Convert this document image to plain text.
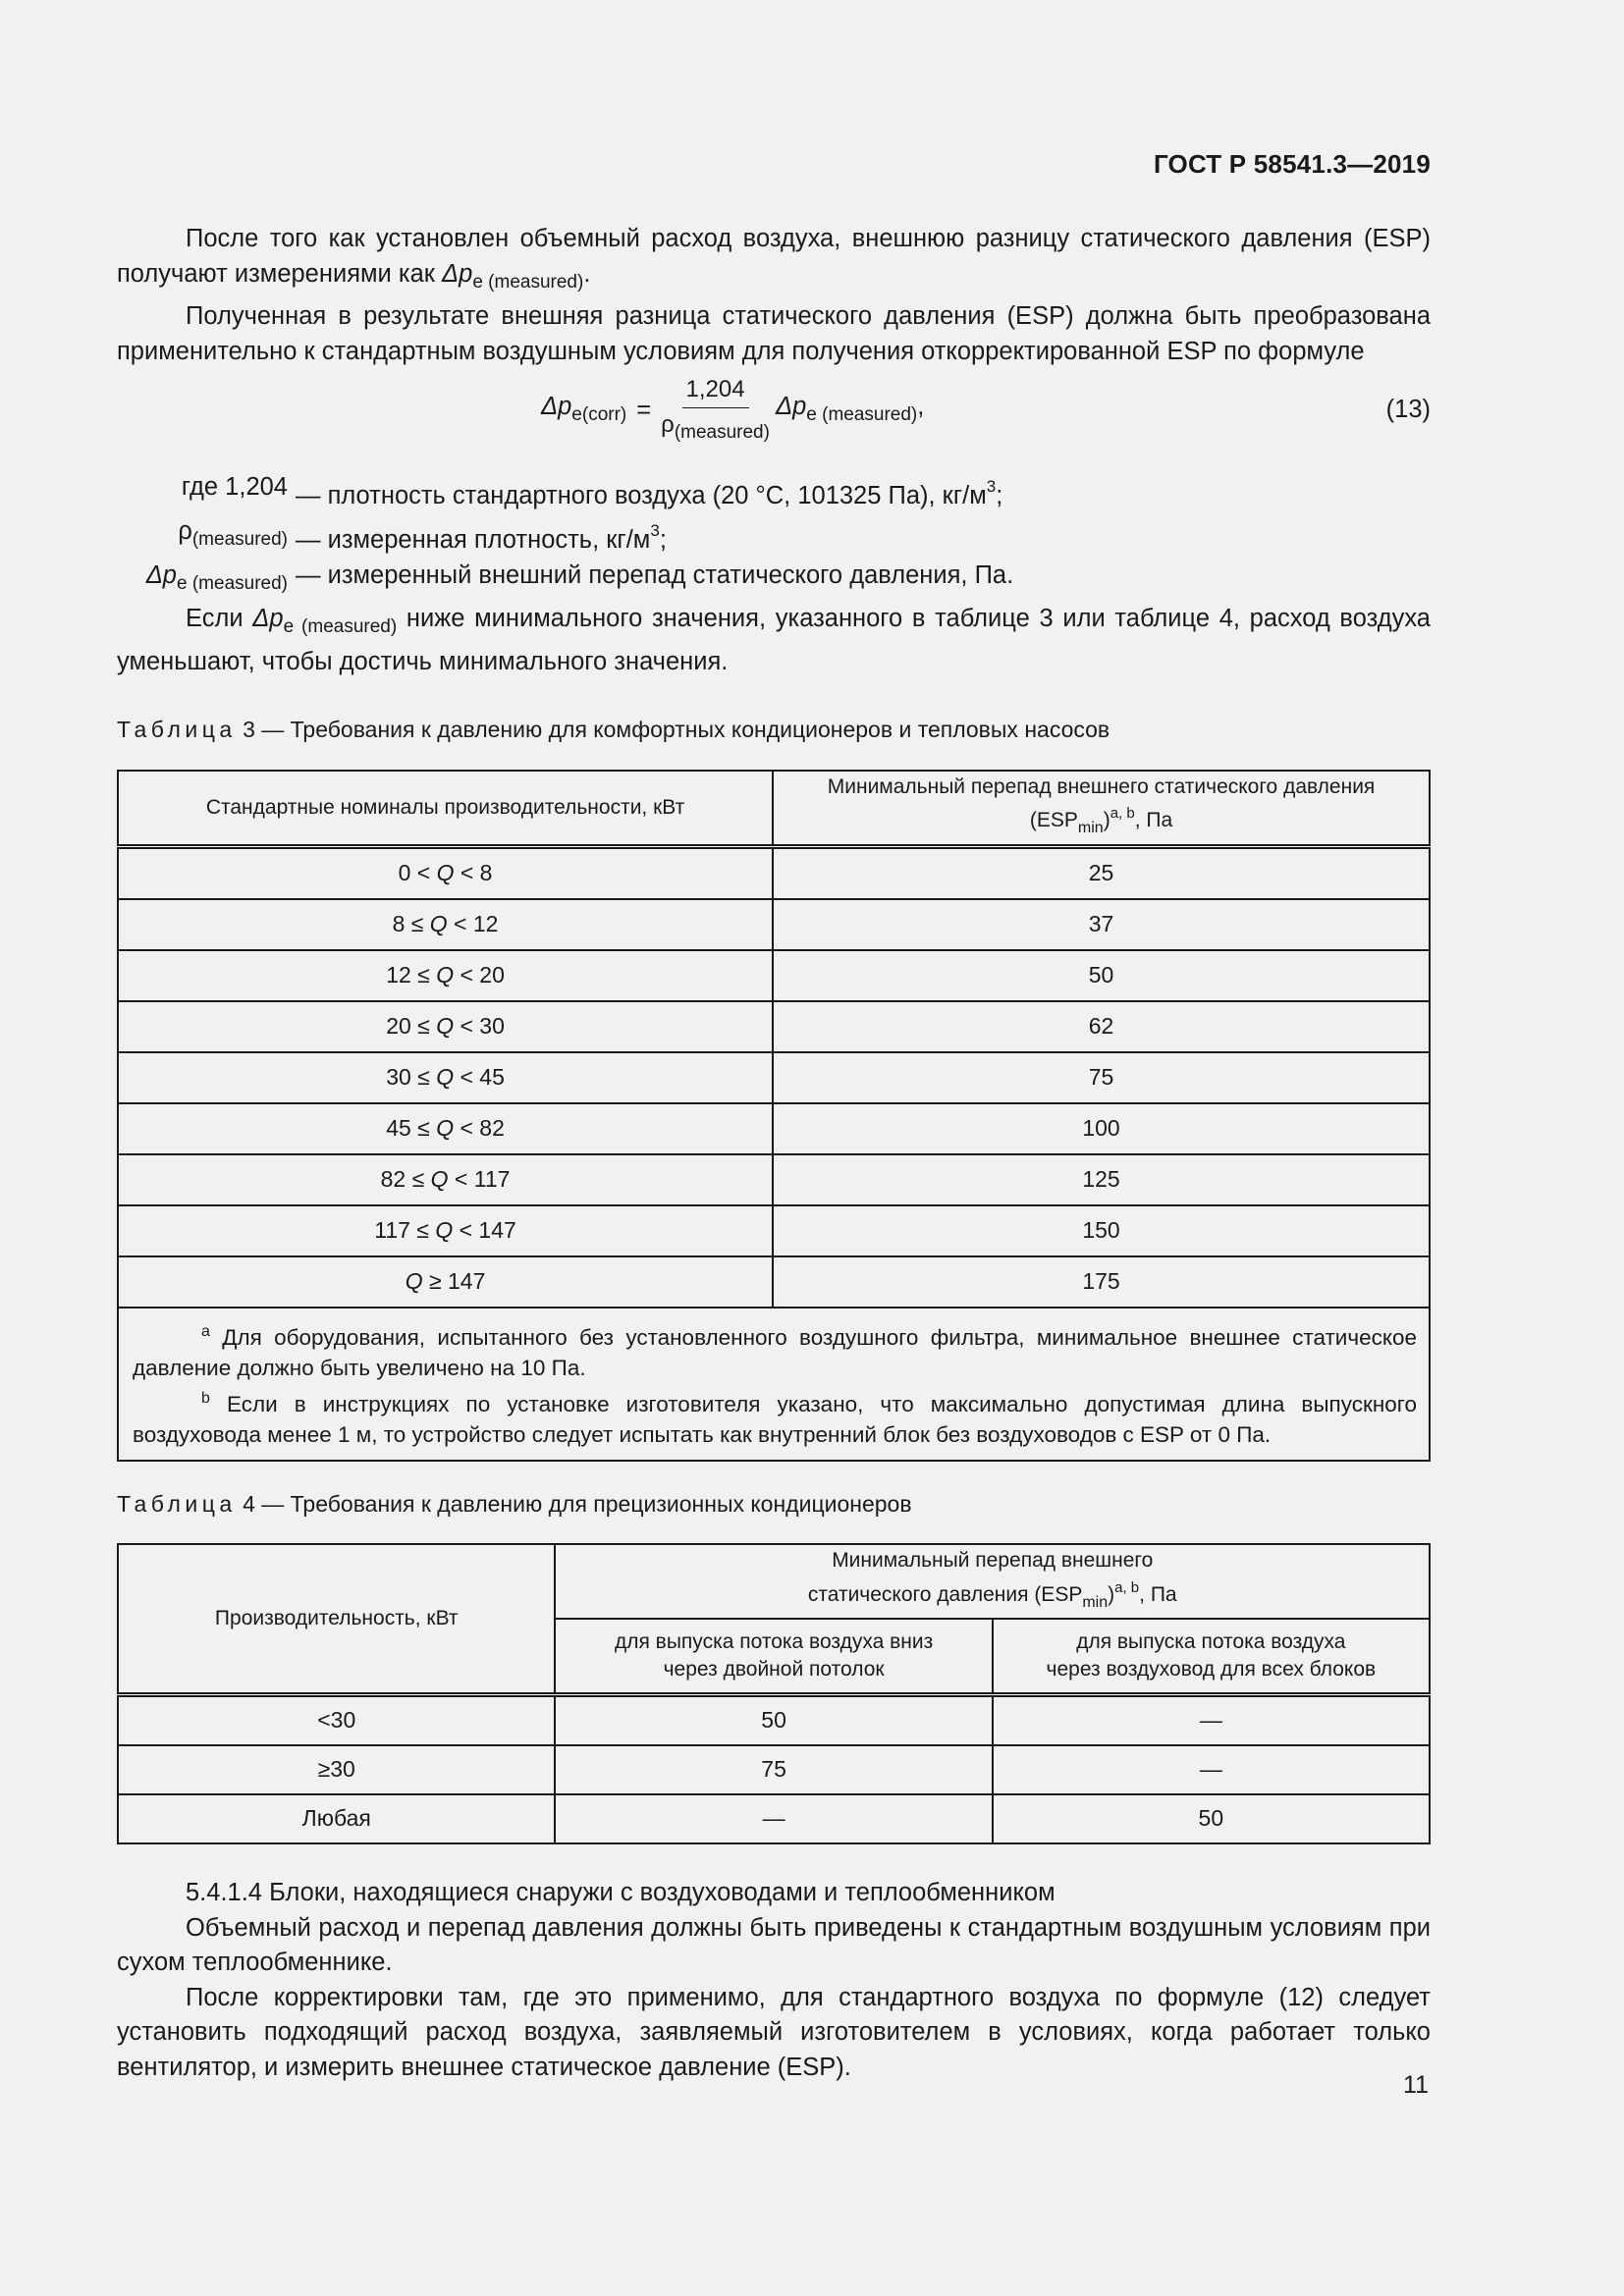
ГОСТ Р 58541.3—2019

После того как установлен объемный расход воздуха, внешнюю разницу статического давления (ESP) получают измерениями как $\Delta p_{e (measured)}$.

Полученная в результате внешняя разница статического давления (ESP) должна быть преобразована применительно к стандартным воздушным условиям для получения откорректированной ESP по формуле

$\Delta p_{e(corr)} = \frac{1,204}{\rho_{(measured)}} \Delta p_{e (measured)}$,	(13)
где 1,204 — плотность стандартного воздуха (20 °С, 101325 Па), $кг/м^3$;
$\rho_{(measured)}$ — измеренная плотность, $кг/м^3$;
$\Delta p_{e (measured)}$ — измеренный внешний перепад статического давления, Па.

Если $\Delta p_{e (measured)}$ ниже минимального значения, указанного в таблице 3 или таблице 4, расход воздуха уменьшают, чтобы достичь минимального значения.

Таблица 3 — Требования к давлению для комфортных кондиционеров и тепловых насосов
Стандартные номиналы производительности, кВт	Минимальный перепад внешнего статического давления
$(ESP_{min})^{a, b}$, Па
0 < Q < 8	25
8 ≤ Q < 12	37
12 ≤ Q < 20	50
20 ≤ Q < 30	62
30 ≤ Q < 45	75
45 ≤ Q < 82	100
82 ≤ Q < 117	125
117 ≤ Q < 147	150
Q ≥ 147	175

$^a$ Для оборудования, испытанного без установленного воздушного фильтра, минимальное внешнее статическое давление должно быть увеличено на 10 Па.
$^b$ Если в инструкциях по установке изготовителя указано, что максимально допустимая длина выпускного воздуховода менее 1 м, то устройство следует испытать как внутренний блок без воздуховодов с ESP от 0 Па.	
Таблица 4 — Требования к давлению для прецизионных кондиционеров
Производительность, кВт	Минимальный перепад внешнего
статического давления $(ESP_{min})^{a, b}$, Па	
	для выпуска потока воздуха вниз
через двойной потолок	для выпуска потока воздуха
через воздуховод для всех блоков
<30	50	—
≥30	75	—
Любая	—	50

5.4.1.4 Блоки, находящиеся снаружи с воздуховодами и теплообменником

Объемный расход и перепад давления должны быть приведены к стандартным воздушным условиям при сухом теплообменнике.

После корректировки там, где это применимо, для стандартного воздуха по формуле (12) следует установить подходящий расход воздуха, заявляемый изготовителем в условиях, когда работает только вентилятор, и измерить внешнее статическое давление (ESP).

11
